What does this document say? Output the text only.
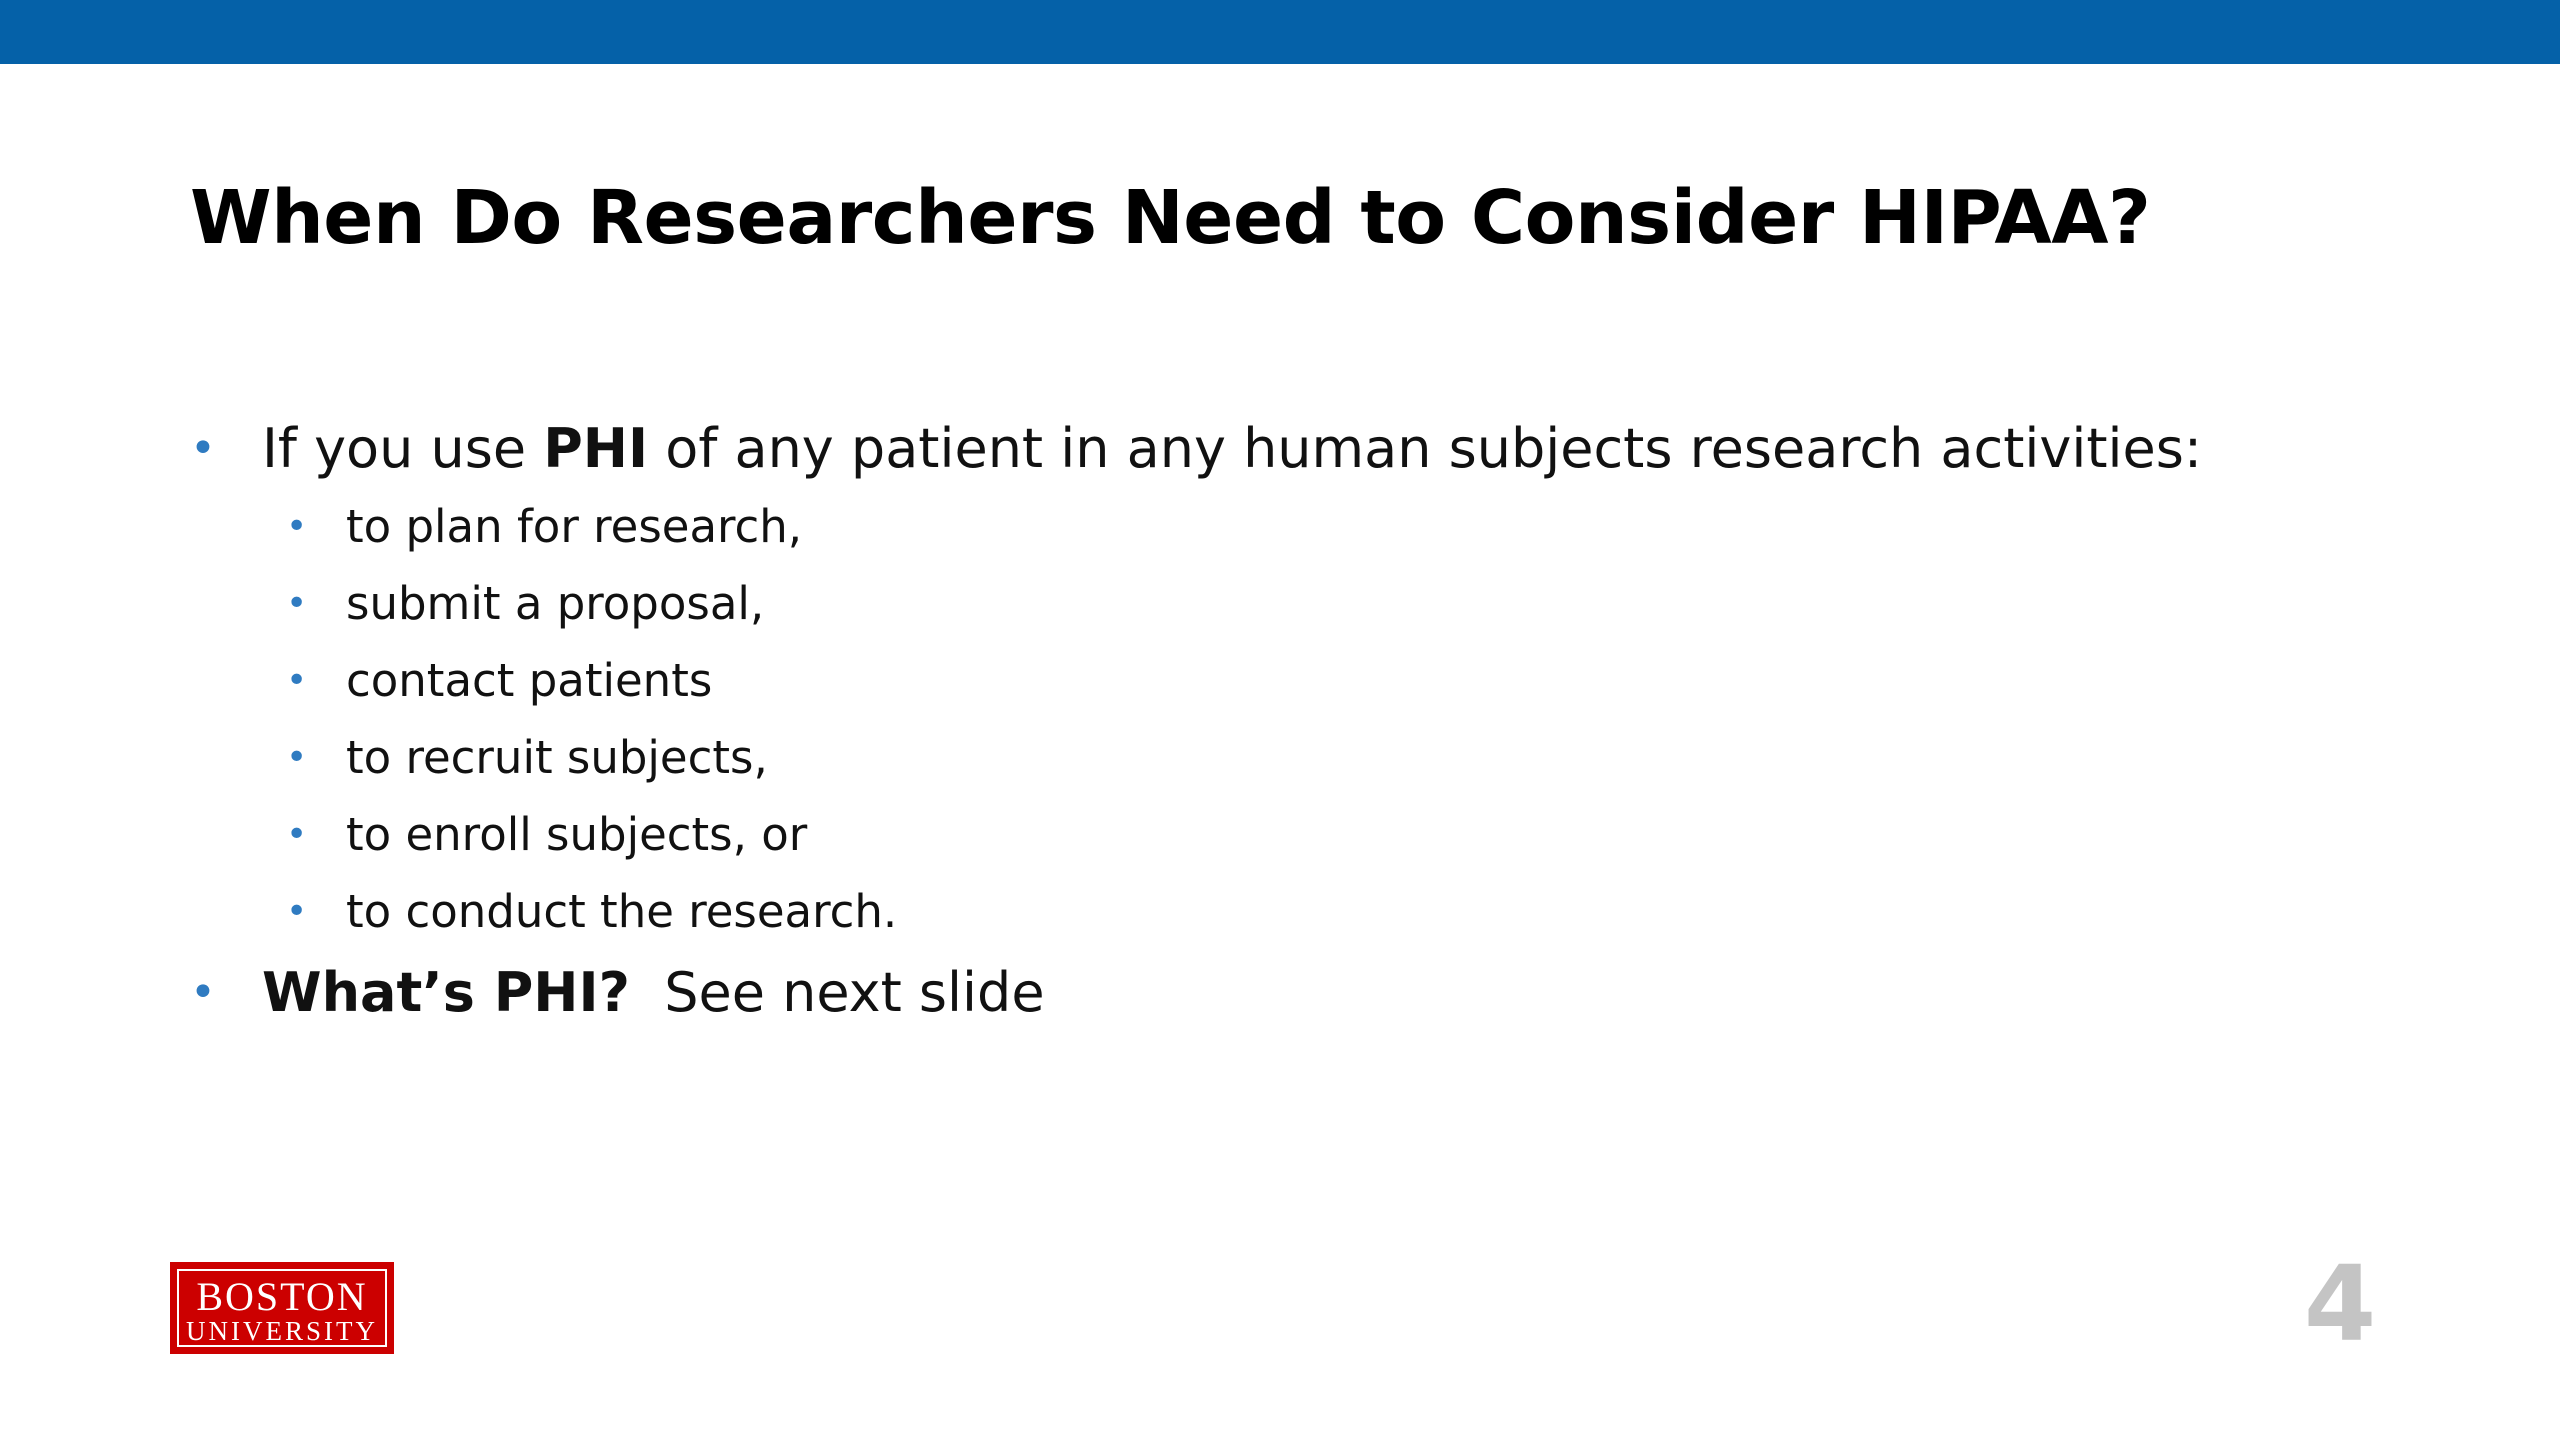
When Do Researchers Need to Consider HIPAA?
• If you use PHI of any patient in any human subjects research activities:
• to plan for research,
• submit a proposal,
• contact patients
• to recruit subjects,
• to enroll subjects, or
• to conduct the research.
• What’s PHI?  See next slide
BOSTON
UNIVERSITY	4
